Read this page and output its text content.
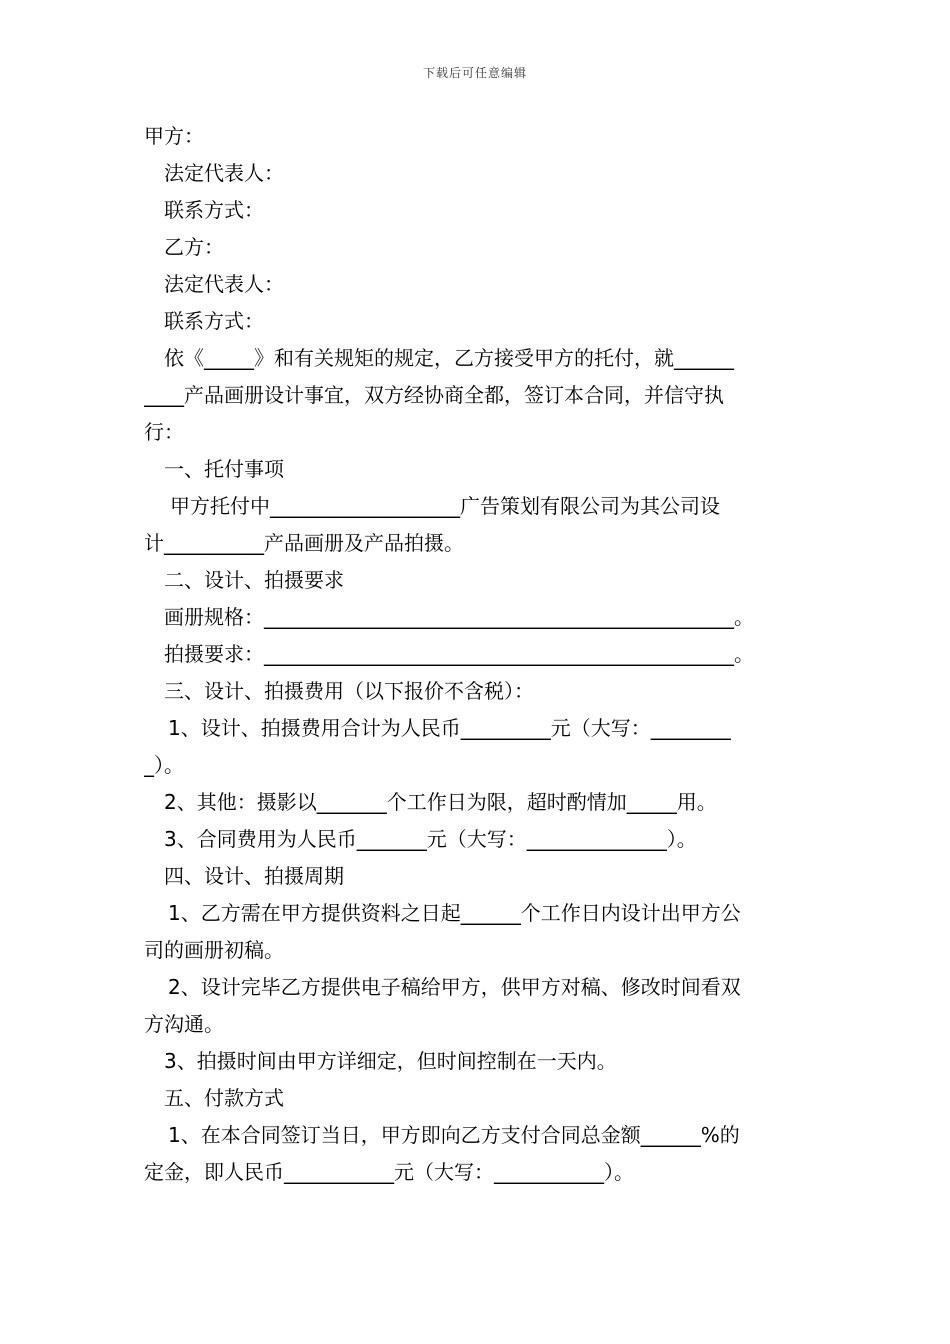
下载后可任意编辑
甲方：
法定代表人：
联系方式：
乙方：
法定代表人：
联系方式：
依《_____》和有关规矩的规定，乙方接受甲方的托付，就______
____产品画册设计事宜，双方经协商全都，签订本合同，并信守执
行：
一、托付事项
甲方托付中___________________广告策划有限公司为其公司设
计__________产品画册及产品拍摄。
二、设计、拍摄要求
画册规格：_______________________________________________。
拍摄要求：_______________________________________________。
三、设计、拍摄费用（以下报价不含税）：
1、设计、拍摄费用合计为人民币_________元（大写：________
_）。
2、其他：摄影以_______个工作日为限，超时酌情加_____用。
3、合同费用为人民币_______元（大写：______________）。
四、设计、拍摄周期
1、乙方需在甲方提供资料之日起______个工作日内设计出甲方公
司的画册初稿。
2、设计完毕乙方提供电子稿给甲方，供甲方对稿、修改时间看双
方沟通。
3、拍摄时间由甲方详细定，但时间控制在一天内。
五、付款方式
1、在本合同签订当日，甲方即向乙方支付合同总金额______%的
定金，即人民币___________元（大写：___________）。
